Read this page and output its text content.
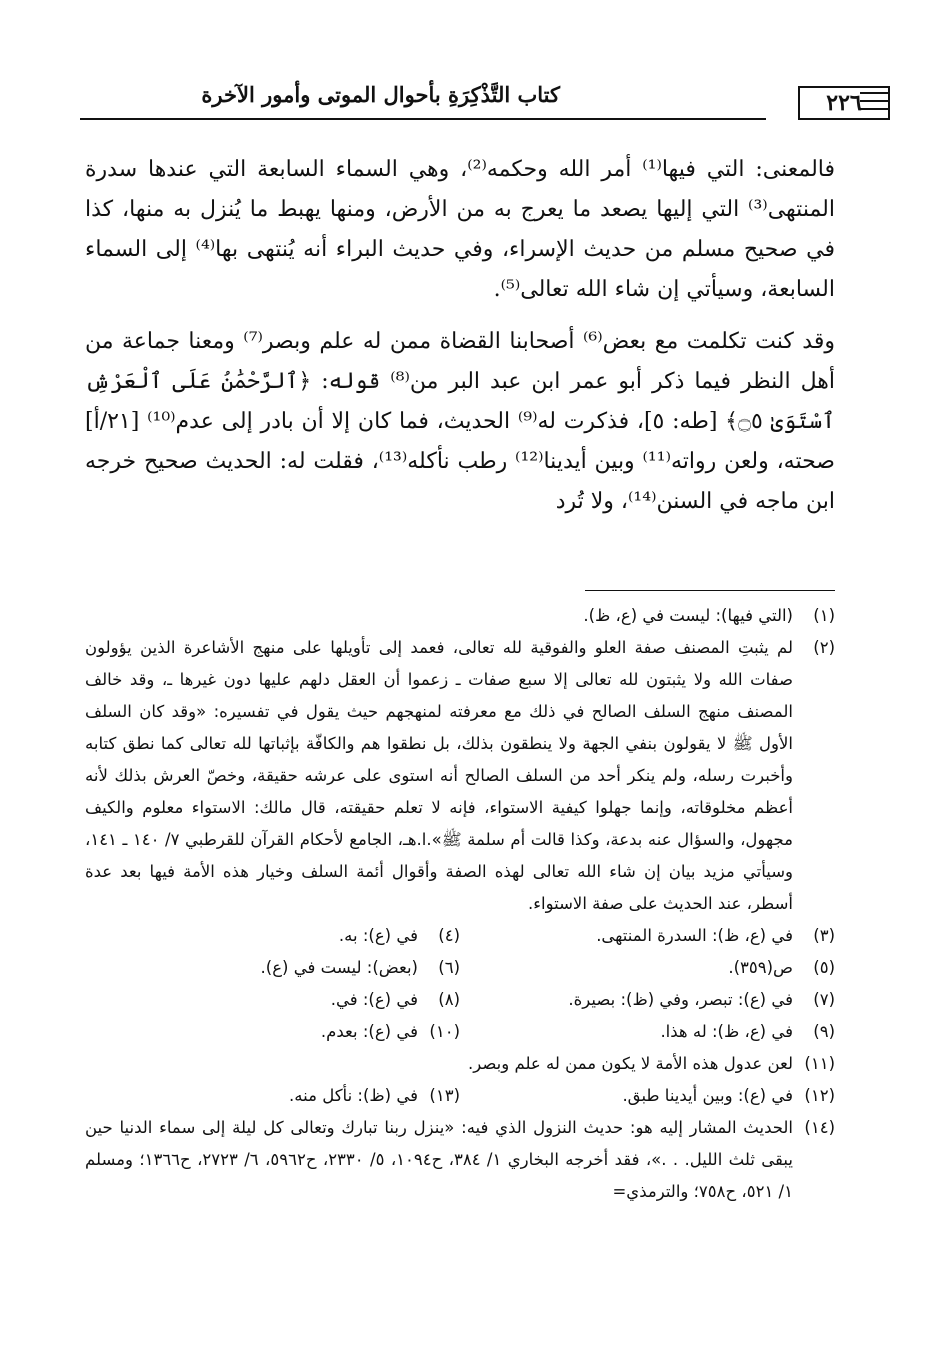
كتاب التَّذْكِرَةِ بأحوال الموتى وأمور الآخرة	٢٢٦

فالمعنى: التي فيها⁽¹⁾ أمر الله وحكمه⁽²⁾، وهي السماء السابعة التي عندها سدرة المنتهى⁽³⁾ التي إليها يصعد ما يعرج به من الأرض، ومنها يهبط ما يُنزل به منها، كذا في صحيح مسلم من حديث الإسراء، وفي حديث البراء أنه يُنتهى بها⁽⁴⁾ إلى السماء السابعة، وسيأتي إن شاء الله تعالى⁽⁵⁾.

وقد كنت تكلمت مع بعض⁽⁶⁾ أصحابنا القضاة ممن له علم وبصر⁽⁷⁾ ومعنا جماعة من أهل النظر فيما ذكر أبو عمر ابن عبد البر من⁽⁸⁾ قوله: ﴿ٱلرَّحْمَٰنُ عَلَى ٱلْعَرْشِ ٱسْتَوَىٰ ۝٥﴾ [طه: ٥]، فذكرت له⁽⁹⁾ الحديث، فما كان إلا أن بادر إلى عدم⁽¹⁰⁾ [٢١/أ] صحته، ولعن رواته⁽¹¹⁾ وبين أيدينا⁽¹²⁾ رطب نأكله⁽¹³⁾، فقلت له: الحديث صحيح خرجه ابن ماجه في السنن⁽¹⁴⁾، ولا تُرد

(١)
(التي فيها): ليست في (ع، ظ).
(٢)
لم يثبتِ المصنف صفة العلو والفوقية لله تعالى، فعمد إلى تأويلها على منهج الأشاعرة الذين يؤولون صفات الله ولا يثبتون لله تعالى إلا سبع صفات ـ زعموا أن العقل دلهم عليها دون غيرها ـ، وقد خالف المصنف منهج السلف الصالح في ذلك مع معرفته لمنهجهم حيث يقول في تفسيره: «وقد كان السلف الأول ﷺ لا يقولون بنفي الجهة ولا ينطقون بذلك، بل نطقوا هم والكافّة بإثباتها لله تعالى كما نطق كتابه وأخبرت رسله، ولم ينكر أحد من السلف الصالح أنه استوى على عرشه حقيقة، وخصّ العرش بذلك لأنه أعظم مخلوقاته، وإنما جهلوا كيفية الاستواء، فإنه لا تعلم حقيقته، قال مالك: الاستواء معلوم والكيف مجهول، والسؤال عنه بدعة، وكذا قالت أم سلمة ﷺ».ا.هـ، الجامع لأحكام القرآن للقرطبي ٧/ ١٤٠ ـ ١٤١، وسيأتي مزيد بيان إن شاء الله تعالى لهذه الصفة وأقوال أئمة السلف وخيار هذه الأمة فيها بعد عدة أسطر، عند الحديث على صفة الاستواء.
(٣)
في (ع، ظ): السدرة المنتهى.
(٤)
في (ع): به.
(٥)
ص(٣٥٩).
(٦)
(بعض): ليست في (ع).
(٧)
في (ع): تبصر، وفي (ظ): بصيرة.
(٨)
في (ع): في.
(٩)
في (ع، ظ): له هذا.
(١٠)
في (ع): بعدم.
(١١)
لعن عدول هذه الأمة لا يكون ممن له علم وبصر.
(١٢)
في (ع): وبين أيدينا طبق.
(١٣)
في (ظ): نأكل منه.
(١٤)
الحديث المشار إليه هو: حديث النزول الذي فيه: «ينزل ربنا تبارك وتعالى كل ليلة إلى سماء الدنيا حين يبقى ثلث الليل. . .»، فقد أخرجه البخاري ١/ ٣٨٤، ح١٠٩٤، ٥/ ٢٣٣٠، ح٥٩٦٢، ٦/ ٢٧٢٣، ح١٣٦٦؛ ومسلم ١/ ٥٢١، ح٧٥٨؛ والترمذي=
